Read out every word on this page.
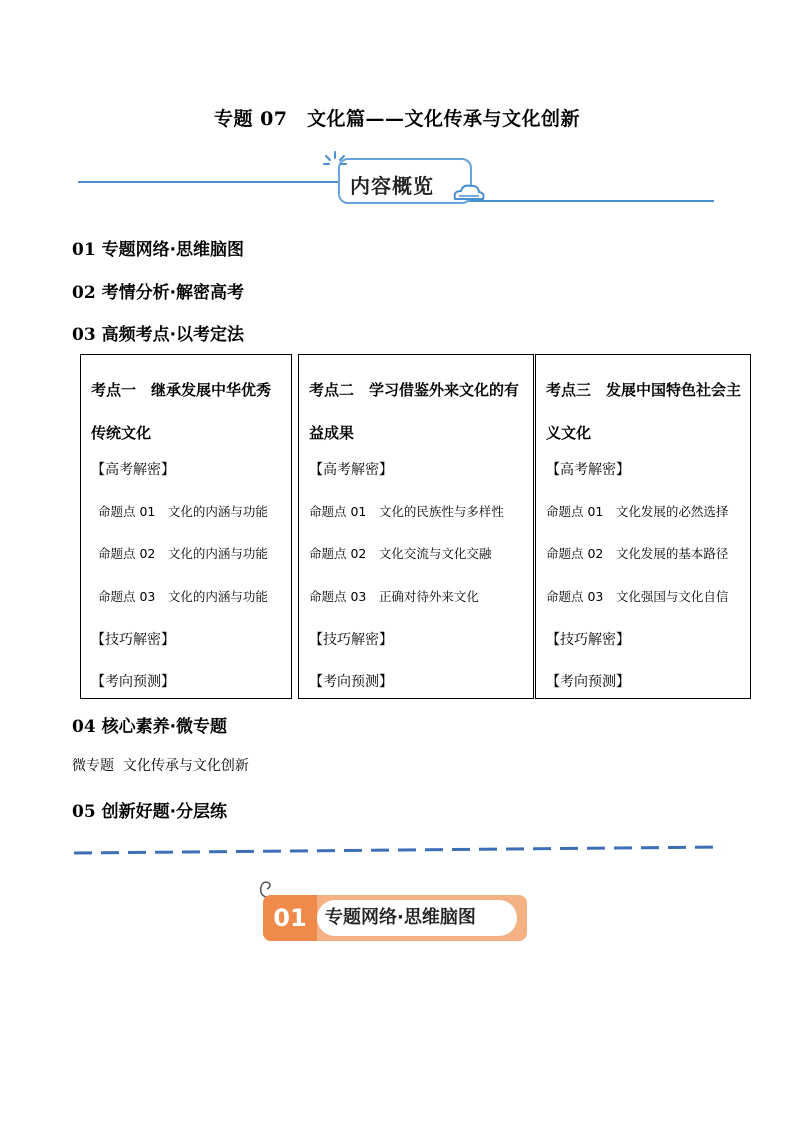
专题 07　文化篇——文化传承与文化创新
内容概览
01 专题网络·思维脑图
02 考情分析·解密高考
03 高频考点·以考定法
考点一　继承发展中华优秀传统文化
【高考解密】
命题点 01　文化的内涵与功能
命题点 02　文化的内涵与功能
命题点 03　文化的内涵与功能
【技巧解密】
【考向预测】
考点二　学习借鉴外来文化的有益成果
【高考解密】
命题点 01　文化的民族性与多样性
命题点 02　文化交流与文化交融
命题点 03　正确对待外来文化
【技巧解密】
【考向预测】
考点三　发展中国特色社会主义文化
【高考解密】
命题点 01　文化发展的必然选择
命题点 02　文化发展的基本路径
命题点 03　文化强国与文化自信
【技巧解密】
【考向预测】
04 核心素养·微专题
微专题 文化传承与文化创新
05 创新好题·分层练
01	专题网络·思维脑图
